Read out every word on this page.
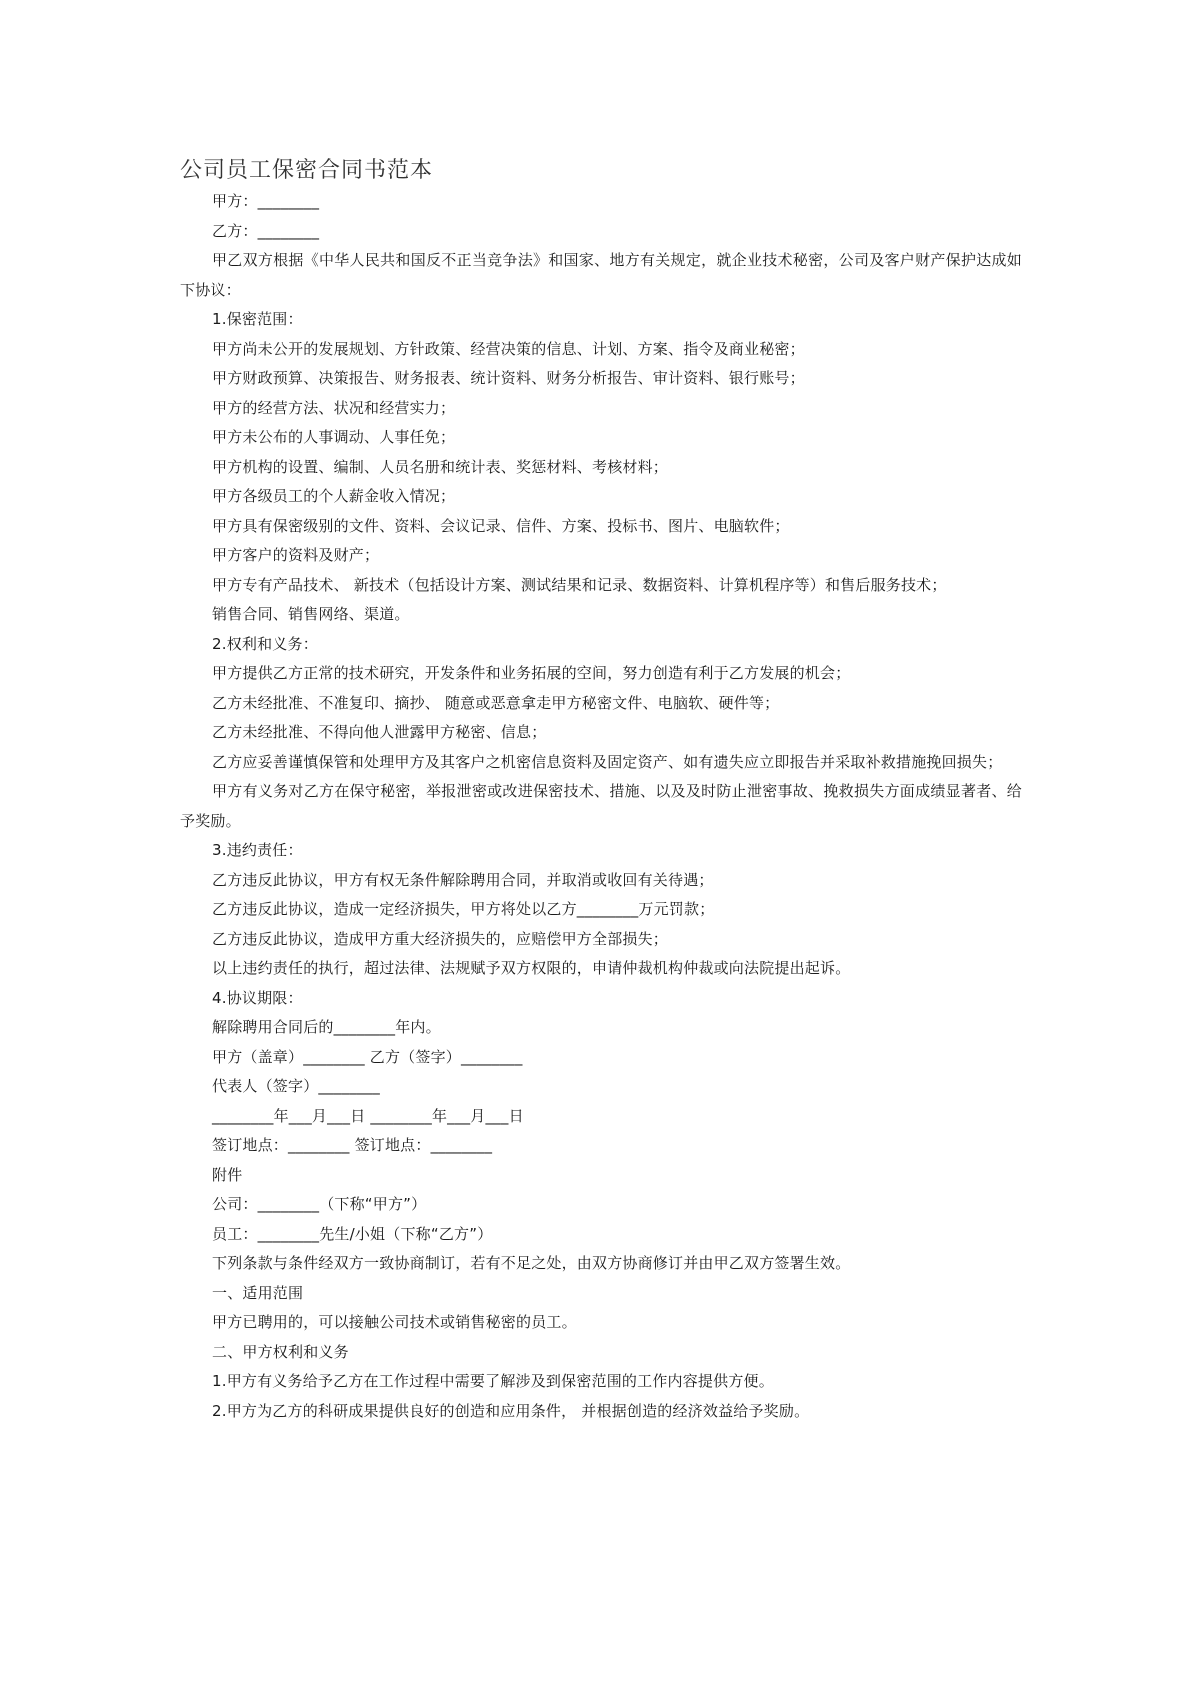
公司员工保密合同书范本

甲方：________

乙方：________

甲乙双方根据《中华人民共和国反不正当竞争法》和国家、地方有关规定，就企业技术秘密，公司及客户财产保护达成如下协议：

1.保密范围：

甲方尚未公开的发展规划、方针政策、经营决策的信息、计划、方案、指令及商业秘密；

甲方财政预算、决策报告、财务报表、统计资料、财务分析报告、审计资料、银行账号；

甲方的经营方法、状况和经营实力；

甲方未公布的人事调动、人事任免；

甲方机构的设置、编制、人员名册和统计表、奖惩材料、考核材料；

甲方各级员工的个人薪金收入情况；

甲方具有保密级别的文件、资料、会议记录、信件、方案、投标书、图片、电脑软件；

甲方客户的资料及财产；

甲方专有产品技术、 新技术（包括设计方案、测试结果和记录、数据资料、计算机程序等）和售后服务技术；

销售合同、销售网络、渠道。

2.权利和义务：

甲方提供乙方正常的技术研究，开发条件和业务拓展的空间，努力创造有利于乙方发展的机会；

乙方未经批准、不准复印、摘抄、 随意或恶意拿走甲方秘密文件、电脑软、硬件等；

乙方未经批准、不得向他人泄露甲方秘密、信息；

乙方应妥善谨慎保管和处理甲方及其客户之机密信息资料及固定资产、如有遗失应立即报告并采取补救措施挽回损失；

甲方有义务对乙方在保守秘密，举报泄密或改进保密技术、措施、以及及时防止泄密事故、挽救损失方面成绩显著者、给予奖励。

3.违约责任：

乙方违反此协议，甲方有权无条件解除聘用合同，并取消或收回有关待遇；

乙方违反此协议，造成一定经济损失，甲方将处以乙方________万元罚款；

乙方违反此协议，造成甲方重大经济损失的，应赔偿甲方全部损失；

以上违约责任的执行，超过法律、法规赋予双方权限的，申请仲裁机构仲裁或向法院提出起诉。

4.协议期限：

解除聘用合同后的________年内。

甲方（盖章）________ 乙方（签字）________

代表人（签字）________

________年___月___日 ________年___月___日

签订地点：________ 签订地点：________

附件

公司：________（下称“甲方”）

员工：________先生/小姐（下称“乙方”）

下列条款与条件经双方一致协商制订，若有不足之处，由双方协商修订并由甲乙双方签署生效。

一、适用范围

甲方已聘用的，可以接触公司技术或销售秘密的员工。

二、甲方权利和义务

1.甲方有义务给予乙方在工作过程中需要了解涉及到保密范围的工作内容提供方便。

2.甲方为乙方的科研成果提供良好的创造和应用条件， 并根据创造的经济效益给予奖励。
